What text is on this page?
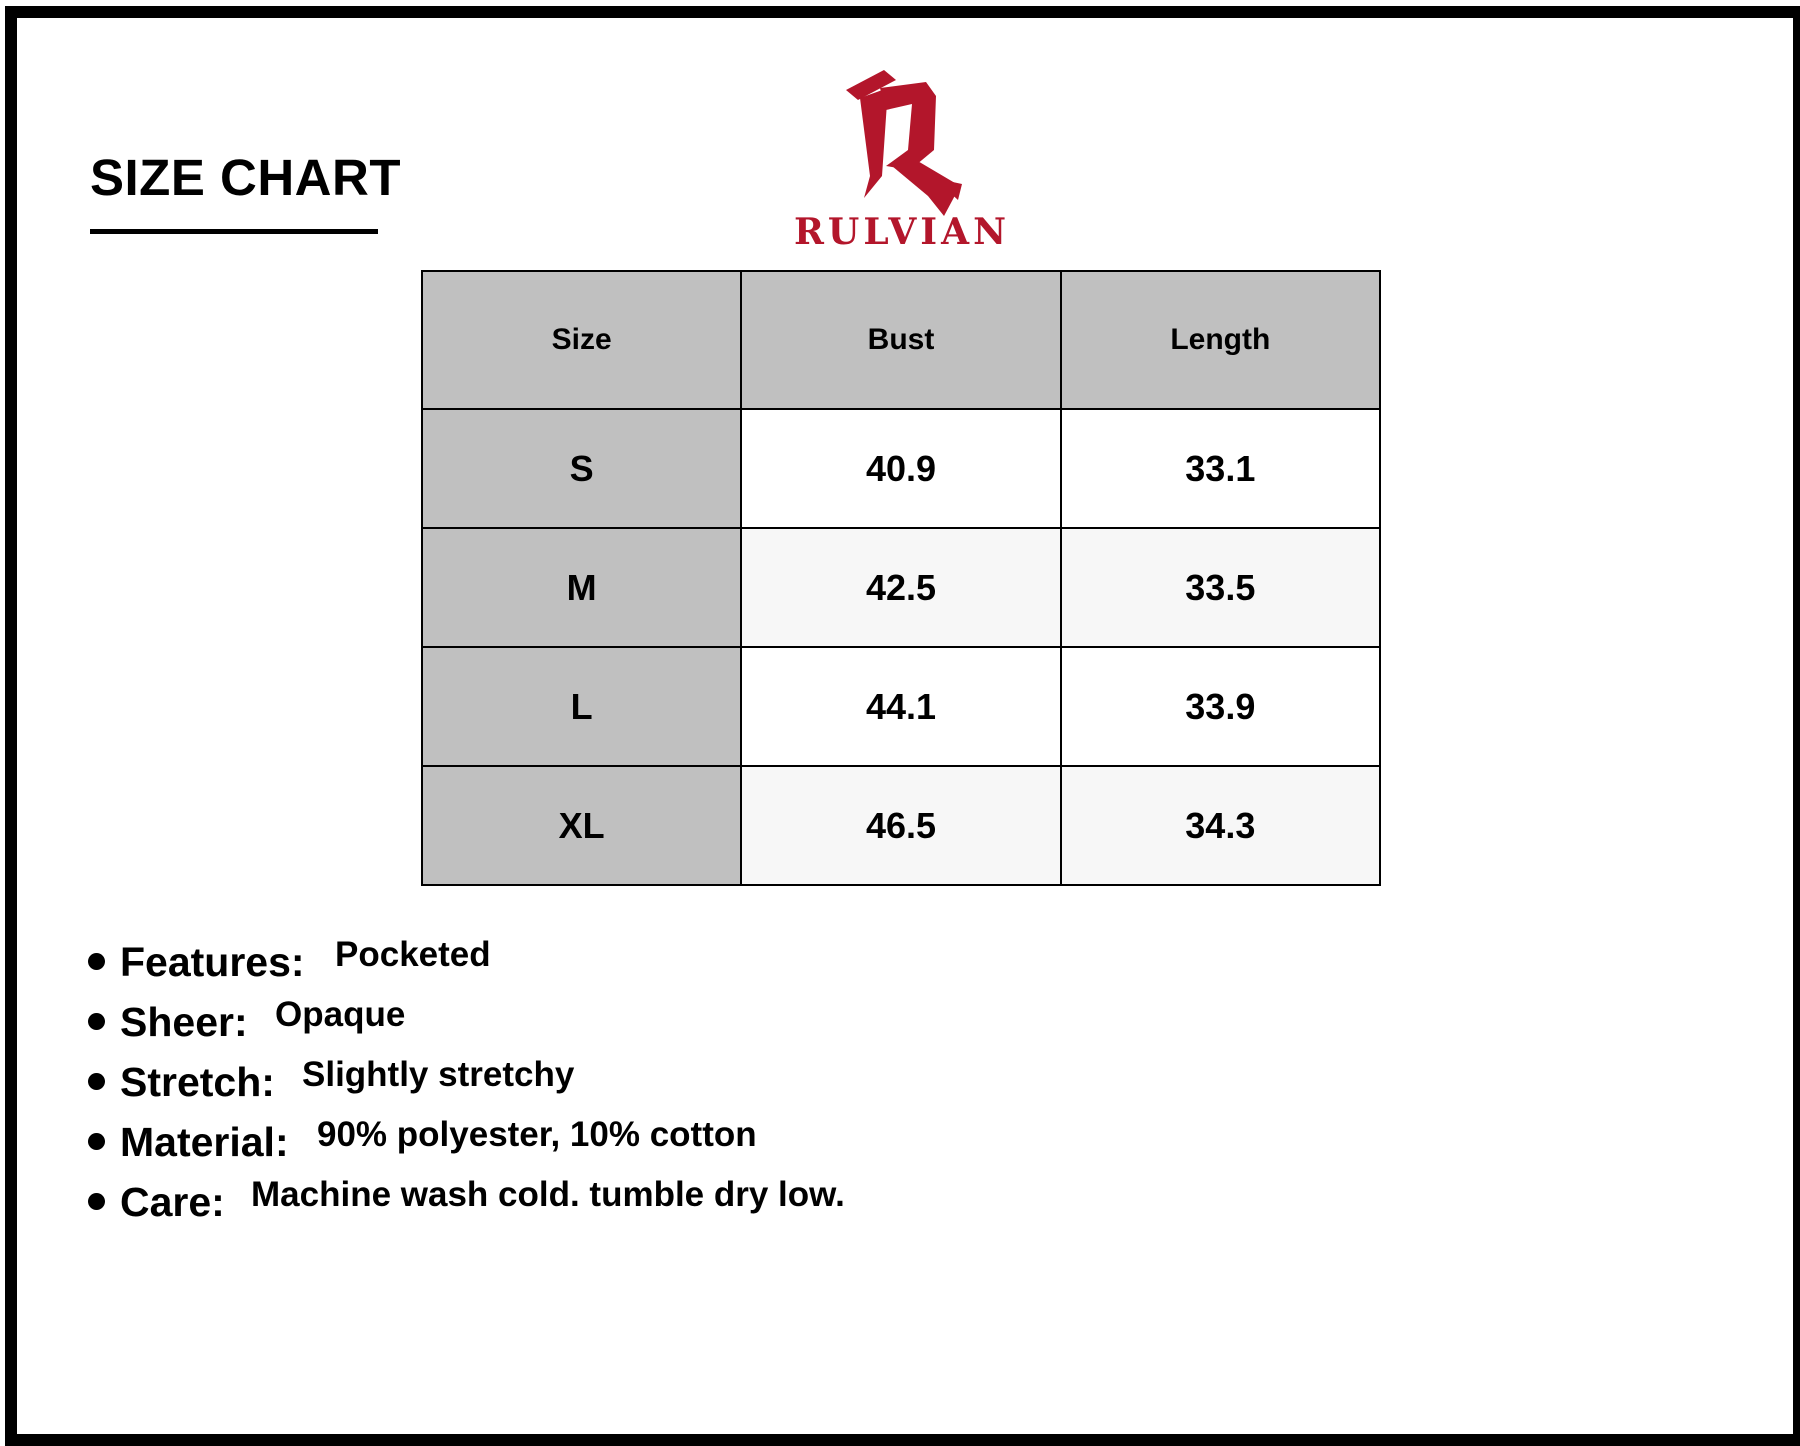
SIZE CHART
RULVIAN
Size	Bust	Length
S	40.9	33.1
M	42.5	33.5
L	44.1	33.9
XL	46.5	34.3
Features: Pocketed
Sheer: Opaque
Stretch: Slightly stretchy
Material: 90% polyester, 10% cotton
Care: Machine wash cold. tumble dry low.
